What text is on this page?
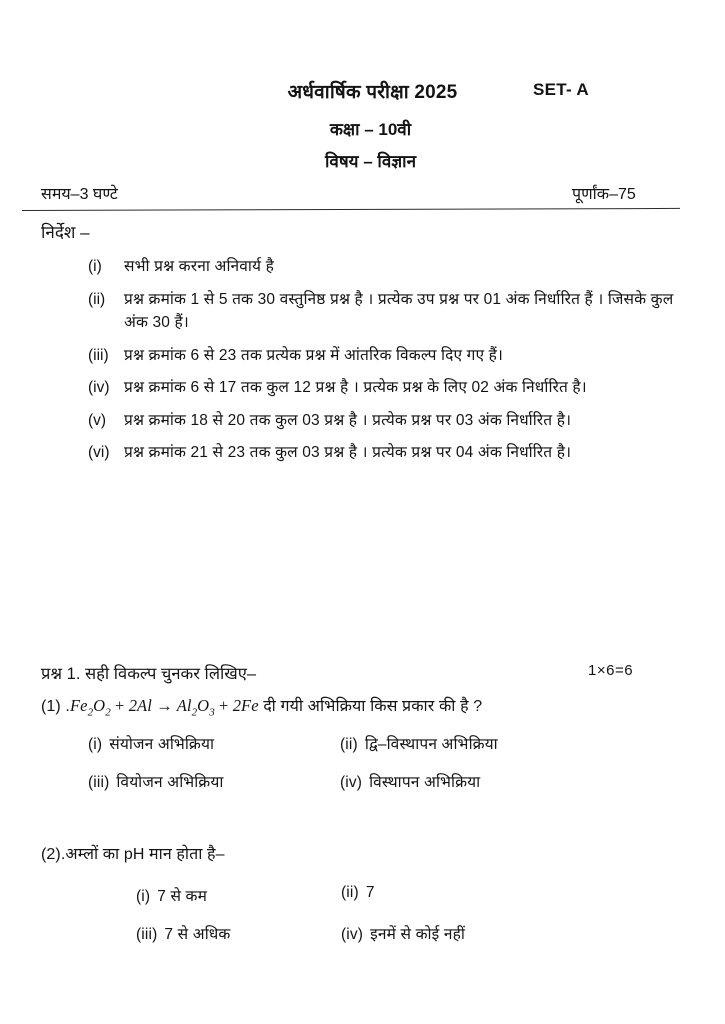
अर्धवार्षिक परीक्षा 2025	SET- A
कक्षा – 10वी
विषय – विज्ञान
समय–3 घण्टे	पूर्णांक–75
निर्देश –
(i)	सभी प्रश्न करना अनिवार्य है
(ii)	प्रश्न क्रमांक 1 से 5 तक 30 वस्तुनिष्ठ प्रश्न है । प्रत्येक उप प्रश्न पर 01 अंक निर्धारित हैं । जिसके कुल अंक 30 हैं।
(iii) प्रश्न क्रमांक 6 से 23 तक प्रत्येक प्रश्न में आंतरिक विकल्प दिए गए हैं।
(iv) प्रश्न क्रमांक 6 से 17 तक कुल 12 प्रश्न है । प्रत्येक प्रश्न के लिए 02 अंक निर्धारित है।
(v)	प्रश्न क्रमांक 18 से 20 तक कुल 03 प्रश्न है । प्रत्येक प्रश्न पर 03 अंक निर्धारित है।
(vi) प्रश्न क्रमांक 21 से 23 तक कुल 03 प्रश्न है । प्रत्येक प्रश्न पर 04 अंक निर्धारित है।
प्रश्न 1. सही विकल्प चुनकर लिखिए–	1×6=6
(1) $.Fe_2O_2 + 2Al \to Al_2O_3 + 2Fe$ दी गयी अभिक्रिया किस प्रकार की है ?
(i) संयोजन अभिक्रिया	(ii) द्वि–विस्थापन अभिक्रिया
(iii) वियोजन अभिक्रिया	(iv) विस्थापन अभिक्रिया
(2).अम्लों का pH मान होता है–
(i) 7 से कम	(ii) 7
(iii) 7 से अधिक	(iv) इनमें से कोई नहीं
